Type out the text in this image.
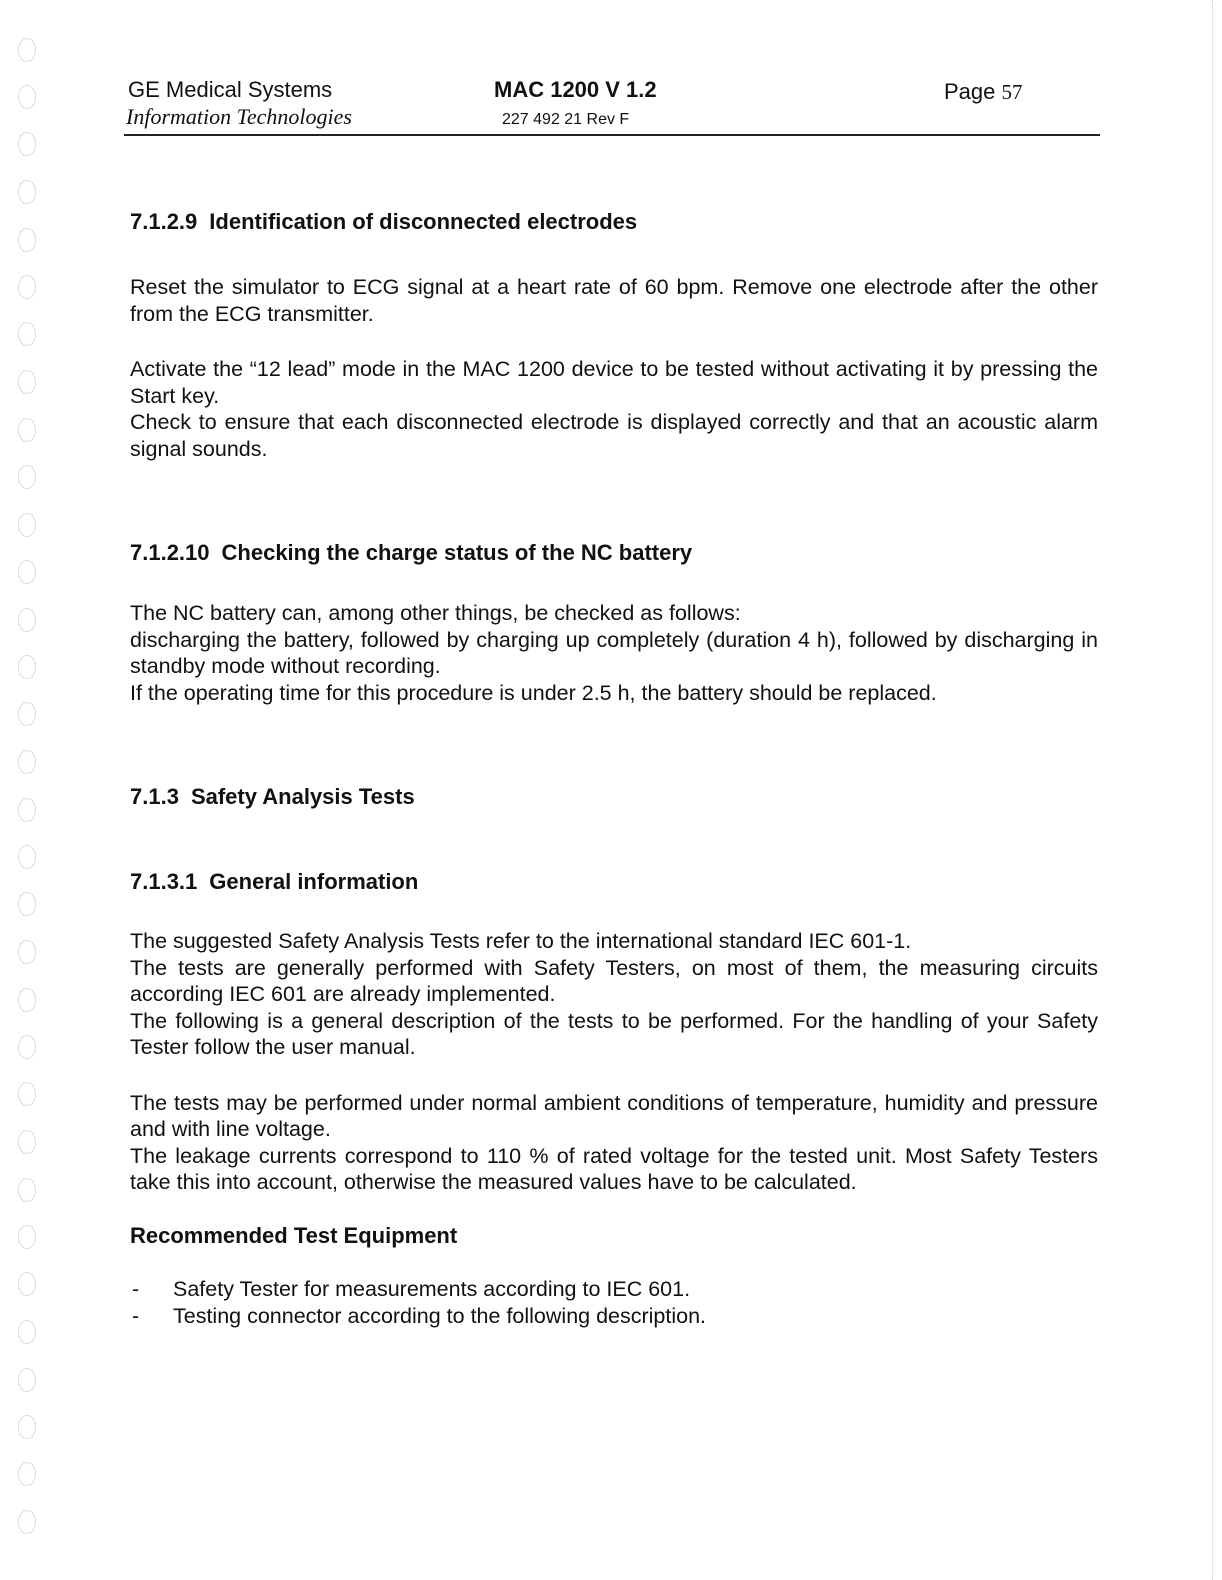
GE Medical Systems
Information Technologies
MAC 1200 V 1.2
227 492 21 Rev F
Page 57
7.1.2.9 Identification of disconnected electrodes

Reset the simulator to ECG signal at a heart rate of 60 bpm. Remove one electrode after the other from the ECG transmitter.

Activate the “12 lead” mode in the MAC 1200 device to be tested without activating it by pressing the Start key.

Check to ensure that each disconnected electrode is displayed correctly and that an acoustic alarm signal sounds.

7.1.2.10 Checking the charge status of the NC battery

The NC battery can, among other things, be checked as follows:

discharging the battery, followed by charging up completely (duration 4 h), followed by discharging in standby mode without recording.

If the operating time for this procedure is under 2.5 h, the battery should be replaced.

7.1.3 Safety Analysis Tests
7.1.3.1 General information

The suggested Safety Analysis Tests refer to the international standard IEC 601-1.

The tests are generally performed with Safety Testers, on most of them, the measuring circuits according IEC 601 are already implemented.

The following is a general description of the tests to be performed. For the handling of your Safety Tester follow the user manual.

The tests may be performed under normal ambient conditions of temperature, humidity and pressure and with line voltage.

The leakage currents correspond to 110 % of rated voltage for the tested unit. Most Safety Testers take this into account, otherwise the measured values have to be calculated.

Recommended Test Equipment
- Safety Tester for measurements according to IEC 601.
- Testing connector according to the following description.
